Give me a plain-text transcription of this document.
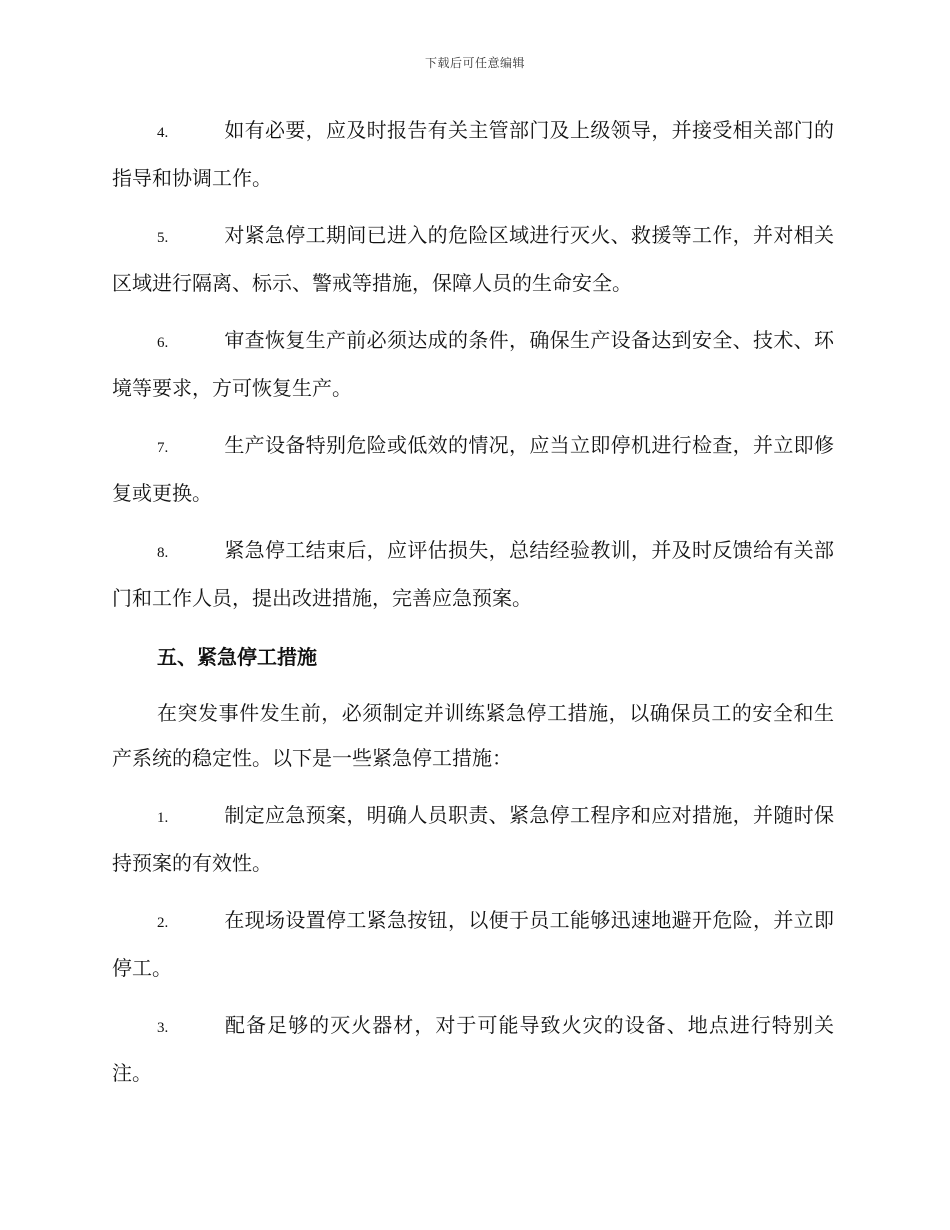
下载后可任意编辑

4.	如有必要，应及时报告有关主管部门及上级领导，并接受相关部门的指导和协调工作。

5.	对紧急停工期间已进入的危险区域进行灭火、救援等工作，并对相关区域进行隔离、标示、警戒等措施，保障人员的生命安全。

6.	审查恢复生产前必须达成的条件，确保生产设备达到安全、技术、环境等要求，方可恢复生产。

7.	生产设备特别危险或低效的情况，应当立即停机进行检查，并立即修复或更换。

8.	紧急停工结束后，应评估损失，总结经验教训，并及时反馈给有关部门和工作人员，提出改进措施，完善应急预案。

五、紧急停工措施

在突发事件发生前，必须制定并训练紧急停工措施，以确保员工的安全和生产系统的稳定性。以下是一些紧急停工措施：

1.	制定应急预案，明确人员职责、紧急停工程序和应对措施，并随时保持预案的有效性。

2.	在现场设置停工紧急按钮，以便于员工能够迅速地避开危险，并立即停工。

3.	配备足够的灭火器材，对于可能导致火灾的设备、地点进行特别关注。
